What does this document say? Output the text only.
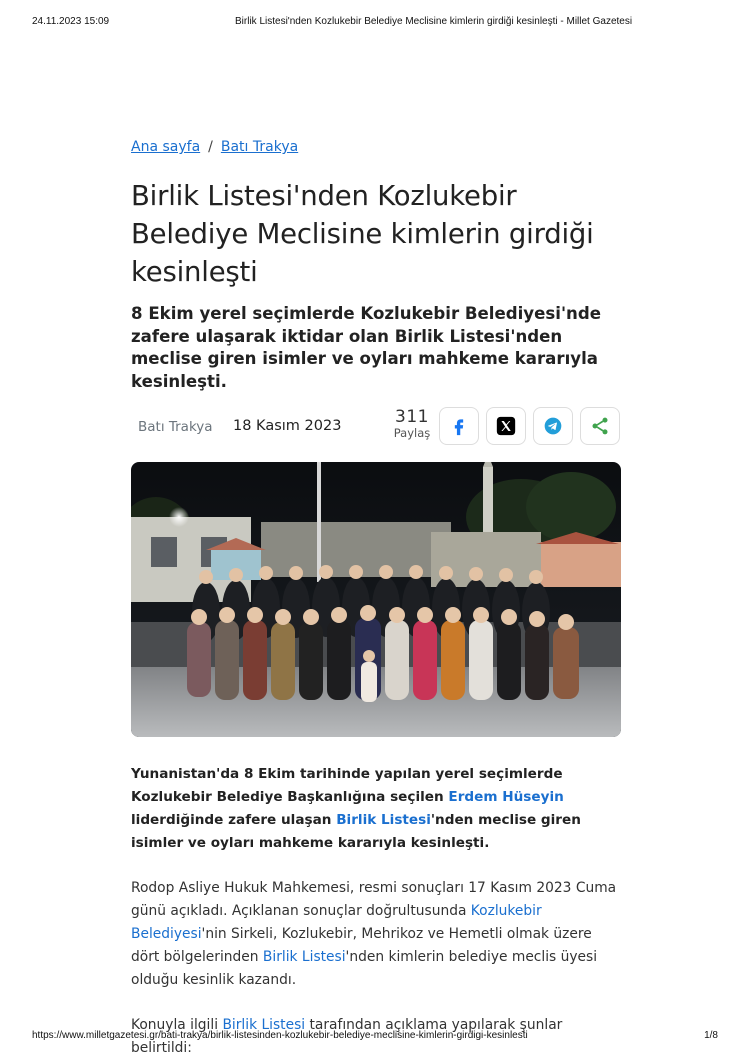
24.11.2023 15:09	Birlik Listesi'nden Kozlukebir Belediye Meclisine kimlerin girdiği kesinleşti - Millet Gazetesi
Ana sayfa / Batı Trakya
Birlik Listesi'nden Kozlukebir Belediye Meclisine kimlerin girdiği kesinleşti

8 Ekim yerel seçimlerde Kozlukebir Belediyesi'nde zafere ulaşarak iktidar olan Birlik Listesi'nden meclise giren isimler ve oyları mahkeme kararıyla kesinleşti.

Batı Trakya 18 Kasım 2023	311
Paylaş

Yunanistan'da 8 Ekim tarihinde yapılan yerel seçimlerde Kozlukebir Belediye Başkanlığına seçilen Erdem Hüseyin liderdiğinde zafere ulaşan Birlik Listesi'nden meclise giren isimler ve oyları mahkeme kararıyla kesinleşti.

Rodop Asliye Hukuk Mahkemesi, resmi sonuçları 17 Kasım 2023 Cuma günü açıkladı. Açıklanan sonuçlar doğrultusunda Kozlukebir Belediyesi'nin Sirkeli, Kozlukebir, Mehrikoz ve Hemetli olmak üzere dört bölgelerinden Birlik Listesi'nden kimlerin belediye meclis üyesi olduğu kesinlik kazandı.

Konuyla ilgili Birlik Listesi tarafından açıklama yapılarak şunlar belirtildi:

https://www.milletgazetesi.gr/bati-trakya/birlik-listesinden-kozlukebir-belediye-meclisine-kimlerin-girdigi-kesinlesti	1/8
